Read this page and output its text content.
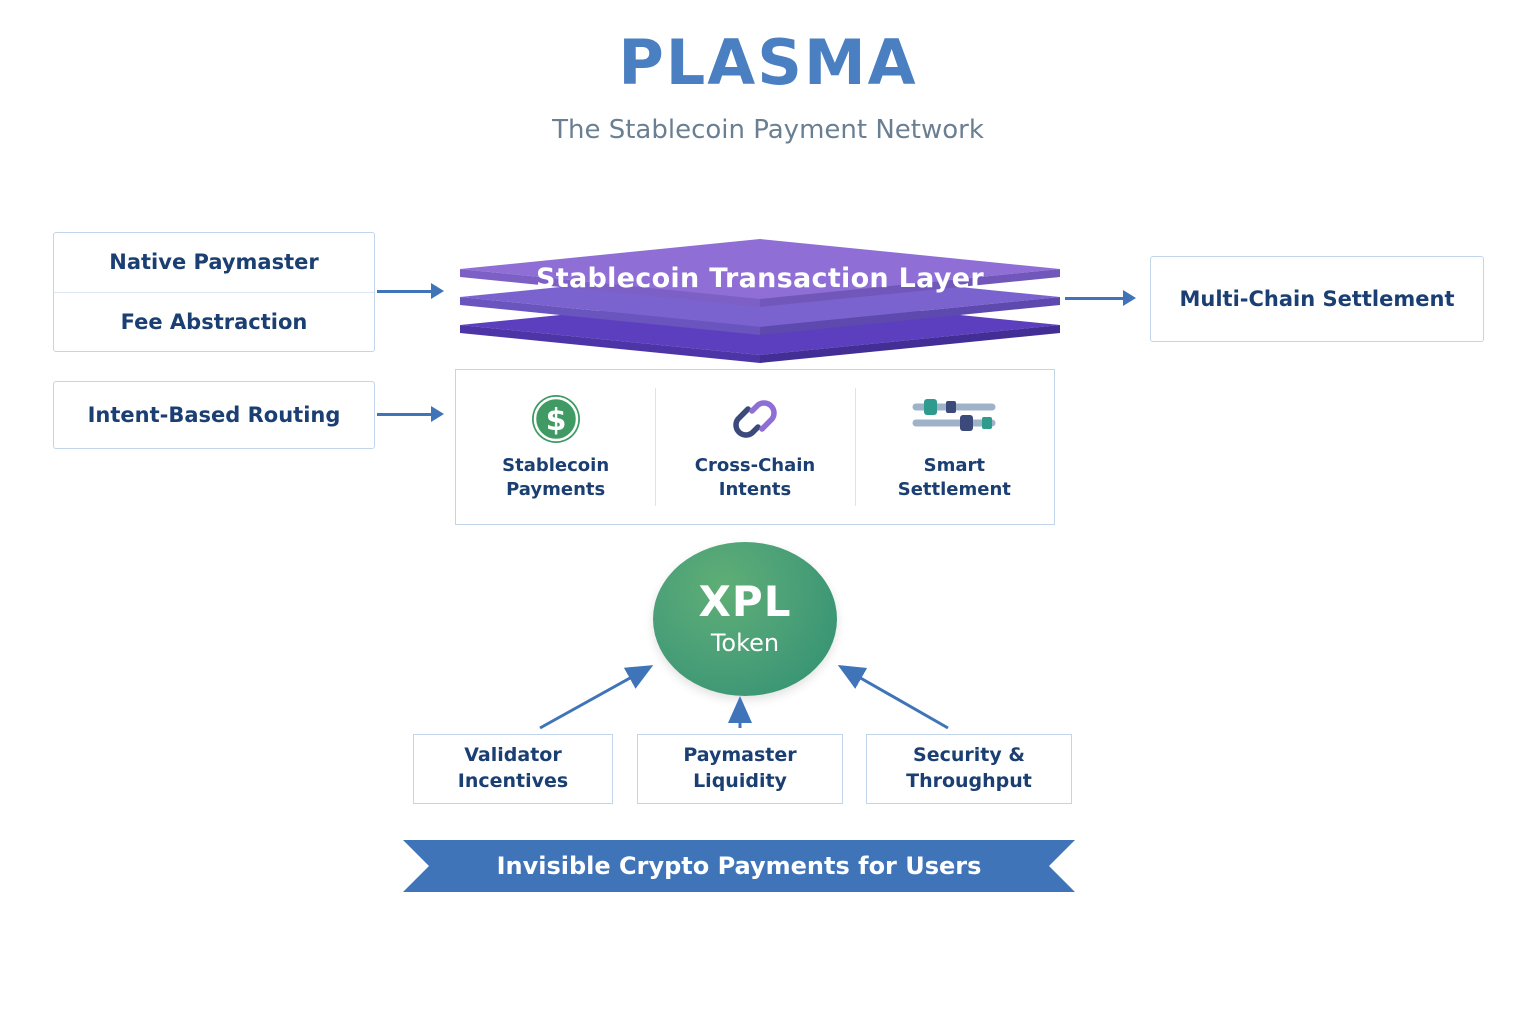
PLASMA
The Stablecoin Payment Network
Native Paymaster
Fee Abstraction
Intent-Based Routing
Stablecoin Transaction Layer
$
Stablecoin
Payments
Cross-Chain
Intents
Smart
Settlement
Multi-Chain Settlement
XPL
Token
Validator
Incentives
Paymaster
Liquidity
Security &
Throughput
Invisible Crypto Payments for Users
